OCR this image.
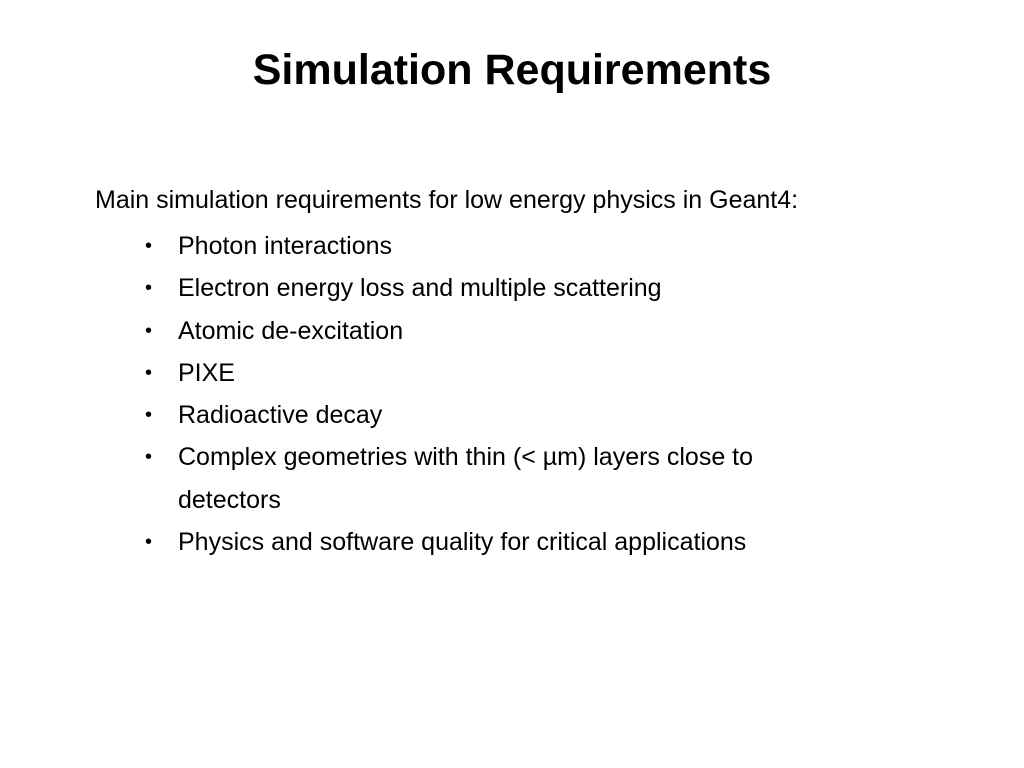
Simulation Requirements

Main simulation requirements for low energy physics in Geant4:

• Photon interactions
• Electron energy loss and multiple scattering
• Atomic de-excitation
• PIXE
• Radioactive decay
• Complex geometries with thin (< µm) layers close to detectors
• Physics and software quality for critical applications
